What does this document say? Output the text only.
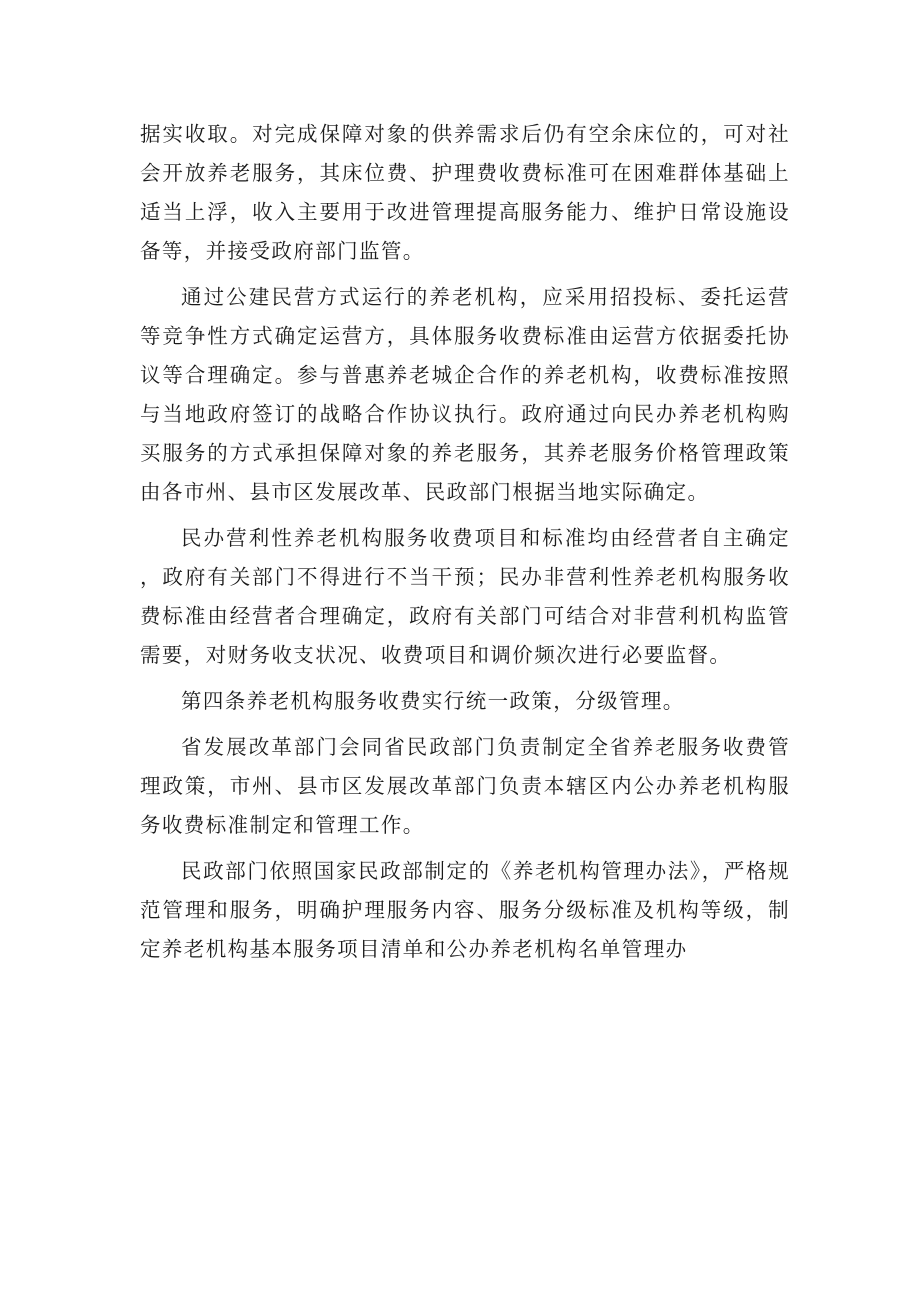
据实收取。对完成保障对象的供养需求后仍有空余床位的，可对社会开放养老服务，其床位费、护理费收费标准可在困难群体基础上适当上浮，收入主要用于改进管理提高服务能力、维护日常设施设备等，并接受政府部门监管。

通过公建民营方式运行的养老机构，应采用招投标、委托运营等竞争性方式确定运营方，具体服务收费标准由运营方依据委托协议等合理确定。参与普惠养老城企合作的养老机构，收费标准按照与当地政府签订的战略合作协议执行。政府通过向民办养老机构购买服务的方式承担保障对象的养老服务，其养老服务价格管理政策由各市州、县市区发展改革、民政部门根据当地实际确定。

民办营利性养老机构服务收费项目和标准均由经营者自主确定，政府有关部门不得进行不当干预；民办非营利性养老机构服务收费标准由经营者合理确定，政府有关部门可结合对非营利机构监管需要，对财务收支状况、收费项目和调价频次进行必要监督。

第四条养老机构服务收费实行统一政策，分级管理。

省发展改革部门会同省民政部门负责制定全省养老服务收费管理政策，市州、县市区发展改革部门负责本辖区内公办养老机构服务收费标准制定和管理工作。

民政部门依照国家民政部制定的《养老机构管理办法》，严格规范管理和服务，明确护理服务内容、服务分级标准及机构等级，制定养老机构基本服务项目清单和公办养老机构名单管理办
